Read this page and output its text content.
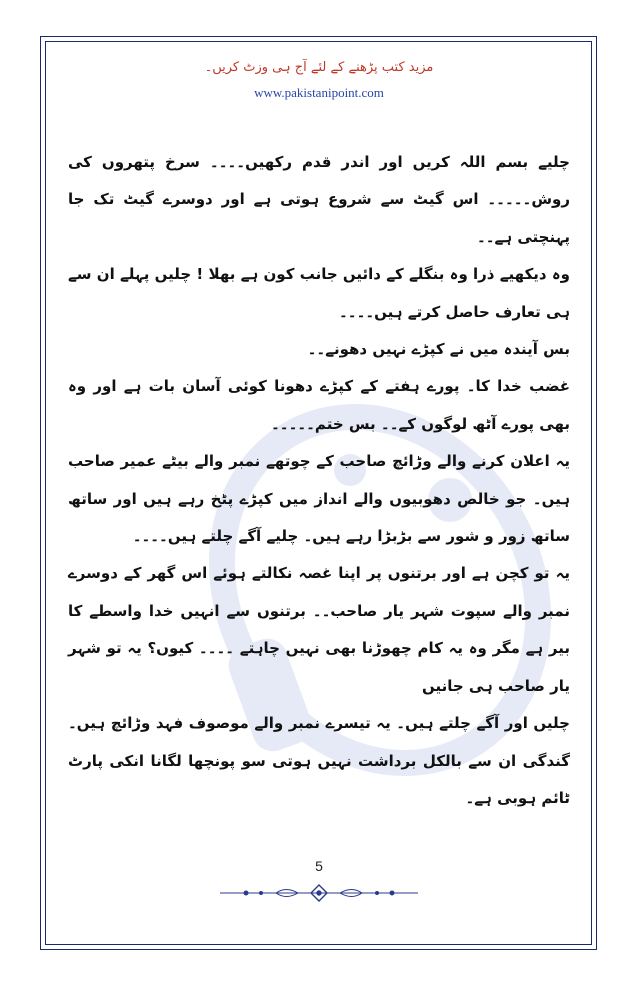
مزید کتب پڑھنے کے لئے آج ہی وزٹ کریں۔
www.pakistanipoint.com

چلیے بسم اللہ کریں اور اندر قدم رکھیں۔۔۔۔ سرخ پتھروں کی روش۔۔۔۔۔ اس گیٹ سے شروع ہوتی ہے اور دوسرے گیٹ تک جا پہنچتی ہے۔۔

وہ دیکھیے ذرا وہ بنگلے کے دائیں جانب کون ہے بھلا ! چلیں پہلے ان سے ہی تعارف حاصل کرتے ہیں۔۔۔۔

بس آیندہ میں نے کپڑے نہیں دھونے۔۔

غضب خدا کا۔ پورے ہفتے کے کپڑے دھونا کوئی آسان بات ہے اور وہ بھی پورے آٹھ لوگوں کے۔۔ بس ختم۔۔۔۔۔

یہ اعلان کرنے والے وڑائچ صاحب کے چوتھے نمبر والے بیٹے عمیر صاحب ہیں۔ جو خالص دھوبیوں والے انداز میں کپڑے پٹخ رہے ہیں اور ساتھ ساتھ زور و شور سے بڑبڑا رہے ہیں۔ چلیے آگے چلتے ہیں۔۔۔۔

یہ تو کچن ہے اور برتنوں پر اپنا غصہ نکالتے ہوئے اس گھر کے دوسرے نمبر والے سپوت شہر یار صاحب۔۔ برتنوں سے انہیں خدا واسطے کا بیر ہے مگر وہ یہ کام چھوڑنا بھی نہیں چاہتے ۔۔۔۔ کیوں؟ یہ تو شہر یار صاحب ہی جانیں

چلیں اور آگے چلتے ہیں۔ یہ تیسرے نمبر والے موصوف فہد وڑائچ ہیں۔ گندگی ان سے بالکل برداشت نہیں ہوتی سو پونچھا لگانا انکی پارٹ ٹائم ہوبی ہے۔

5
